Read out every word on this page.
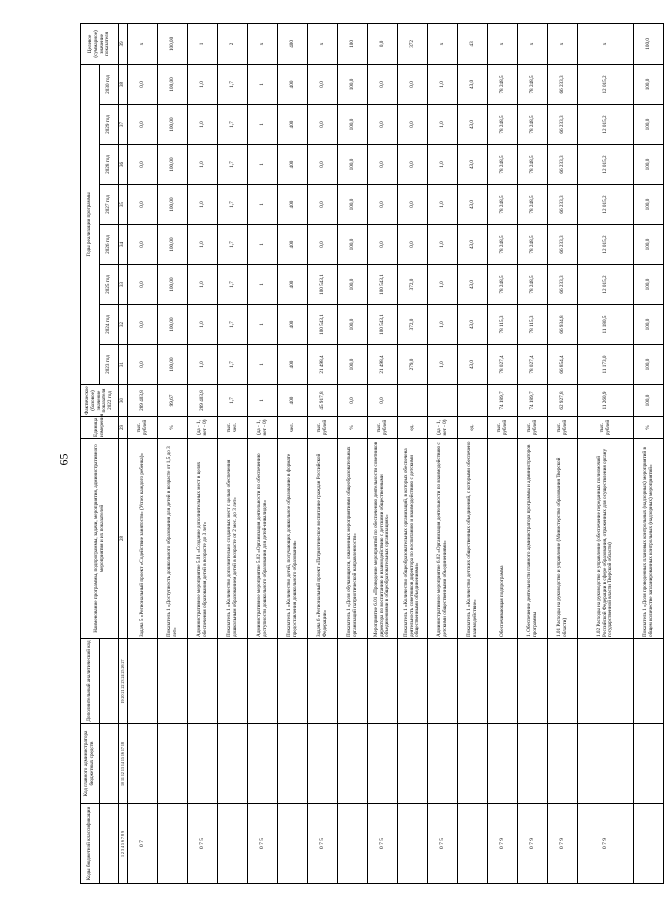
65
Коды бюджетной классификации	Код главного администратора бюджетных средств	Дополнительный аналитический код	Наименование программы, подпрограммы, задачи, мероприятия, административного мероприятия и их показателей	Единица измерения	Фактическое (базовое) значение показателя 2022 год	Годы реализации программы								Целевое (суммарное) значение показателя
						2023 год	2024 год	2025 год	2026 год	2027 год	2028 год	2029 год	2030 год	
123456789	101112131415161718	192021222324252627	28	29	30	31	32	33	34	35	36	37	38	39
0 7			Задача 5 «Региональный проект «Содействие занятости» (Успех каждого ребенка)»	тыс. рублей	289 403,8	0,0	0,0	0,0	0,0	0,0	0,0	0,0	0,0	x
			Показатель 1 «Доступность дошкольного образования для детей в возрасте от 1,5 до 3 лет»	%	99,67	100,00	100,00	100,00	100,00	100,00	100,00	100,00	100,00	100,00
0 7 5			Административное мероприятие 5.01 «Создание дополнительных мест в целях обеспечения образования детей в возрасте до 3 лет»	(да - 1, нет - 0)	289 403,8	1,0	1,0	1,0	1,0	1,0	1,0	1,0	1,0	1
			Показатель 1 «Количество дополнительно созданных мест с целью обеспечения дошкольным образованием детей в возрасте от 2 мес. до 3 лет»	тыс. чел.	1,7	1,7	1,7	1,7	1,7	1,7	1,7	1,7	1,7	2
0 7 5			Административное мероприятие 5.02 «Организация деятельности по обеспечению доступности дошкольного образования для детей-инвалидов»	(да - 1, нет - 0)	1	1	1	1	1	1	1	1	1	x
			Показатель 1 «Количество детей, получающих дошкольное образование в формате предоставления дошкольного образования»	чел.	400	400	400	400	400	400	400	400	400	400
0 7 5			Задача 6 «Региональный проект «Патриотическое воспитание граждан Российской Федерации»	тыс. рублей	45 917,8	21 498,4	100 543,1	100 543,1	0,0	0,0	0,0	0,0	0,0	x
			Показатель 1 «Доля обучающихся, охваченных мероприятиями общеобразовательных организаций патриотической направленности»	%	0,0	100,0	100,0	100,0	100,0	100,0	100,0	100,0	100,0	100
0 7 5			Мероприятие 6.01 «Проведение мероприятий по обеспечению деятельности советников директора по воспитанию и взаимодействию с детскими общественными объединениями в общеобразовательных организациях»	тыс. рублей	0,0	21 498,4	100 543,1	100 543,1	0,0	0,0	0,0	0,0	0,0	0,0
			Показатель 1 «Количество общеобразовательных организаций, в которых обеспечена деятельность советников директора по воспитанию и взаимодействию с детскими общественными объединениями»	ед.		279,0	372,0	372,0	0,0	0,0	0,0	0,0	0,0	372
0 7 5			Административное мероприятие 6.02 «Организация деятельности по взаимодействию с детскими общественными объединениями»	(да - 1, нет - 0)		1,0	1,0	1,0	1,0	1,0	1,0	1,0	1,0	x
			Показатель 1 «Количество детских общественных объединений, с которыми обеспечено взаимодействие»	ед.		43,0	43,0	43,0	43,0	43,0	43,0	43,0	43,0	43
0 7 9			Обеспечивающая подпрограмма	тыс. рублей	74 189,7	78 027,4	78 115,3	78 248,5	78 248,5	78 248,5	78 248,5	78 248,5	78 248,5	x
0 7 9			1. Обеспечение деятельности главного администратора программы и администраторов программы	тыс. рублей	74 189,7	78 027,4	78 115,3	78 248,5	78 248,5	78 248,5	78 248,5	78 248,5	78 248,5	x
0 7 9			1.01 Расходы на руководство и управление (Министерство образования Тверской области)	тыс. рублей	62 927,8	66 854,4	66 934,8	66 233,3	66 233,3	66 233,3	66 233,3	66 233,3	66 233,3	x
0 7 9			1.02 Расходы на руководство и управление (обеспечение переданных полномочий Российской Федерации в сфере образования, отраженных для осуществления органу государственной власти Тверской области)	тыс. рублей	11 260,9	11 173,0	11 180,5	12 015,2	12 015,2	12 015,2	12 015,2	12 015,2	12 015,2	x
			Показатель 1 «Доля проведенных плановых контрольных (надзорных) мероприятий в общем количестве запланированных контрольных (надзорных) мероприятий»	%	100,0	100,0	100,0	100,0	100,0	100,0	100,0	100,0	100,0	100,0
